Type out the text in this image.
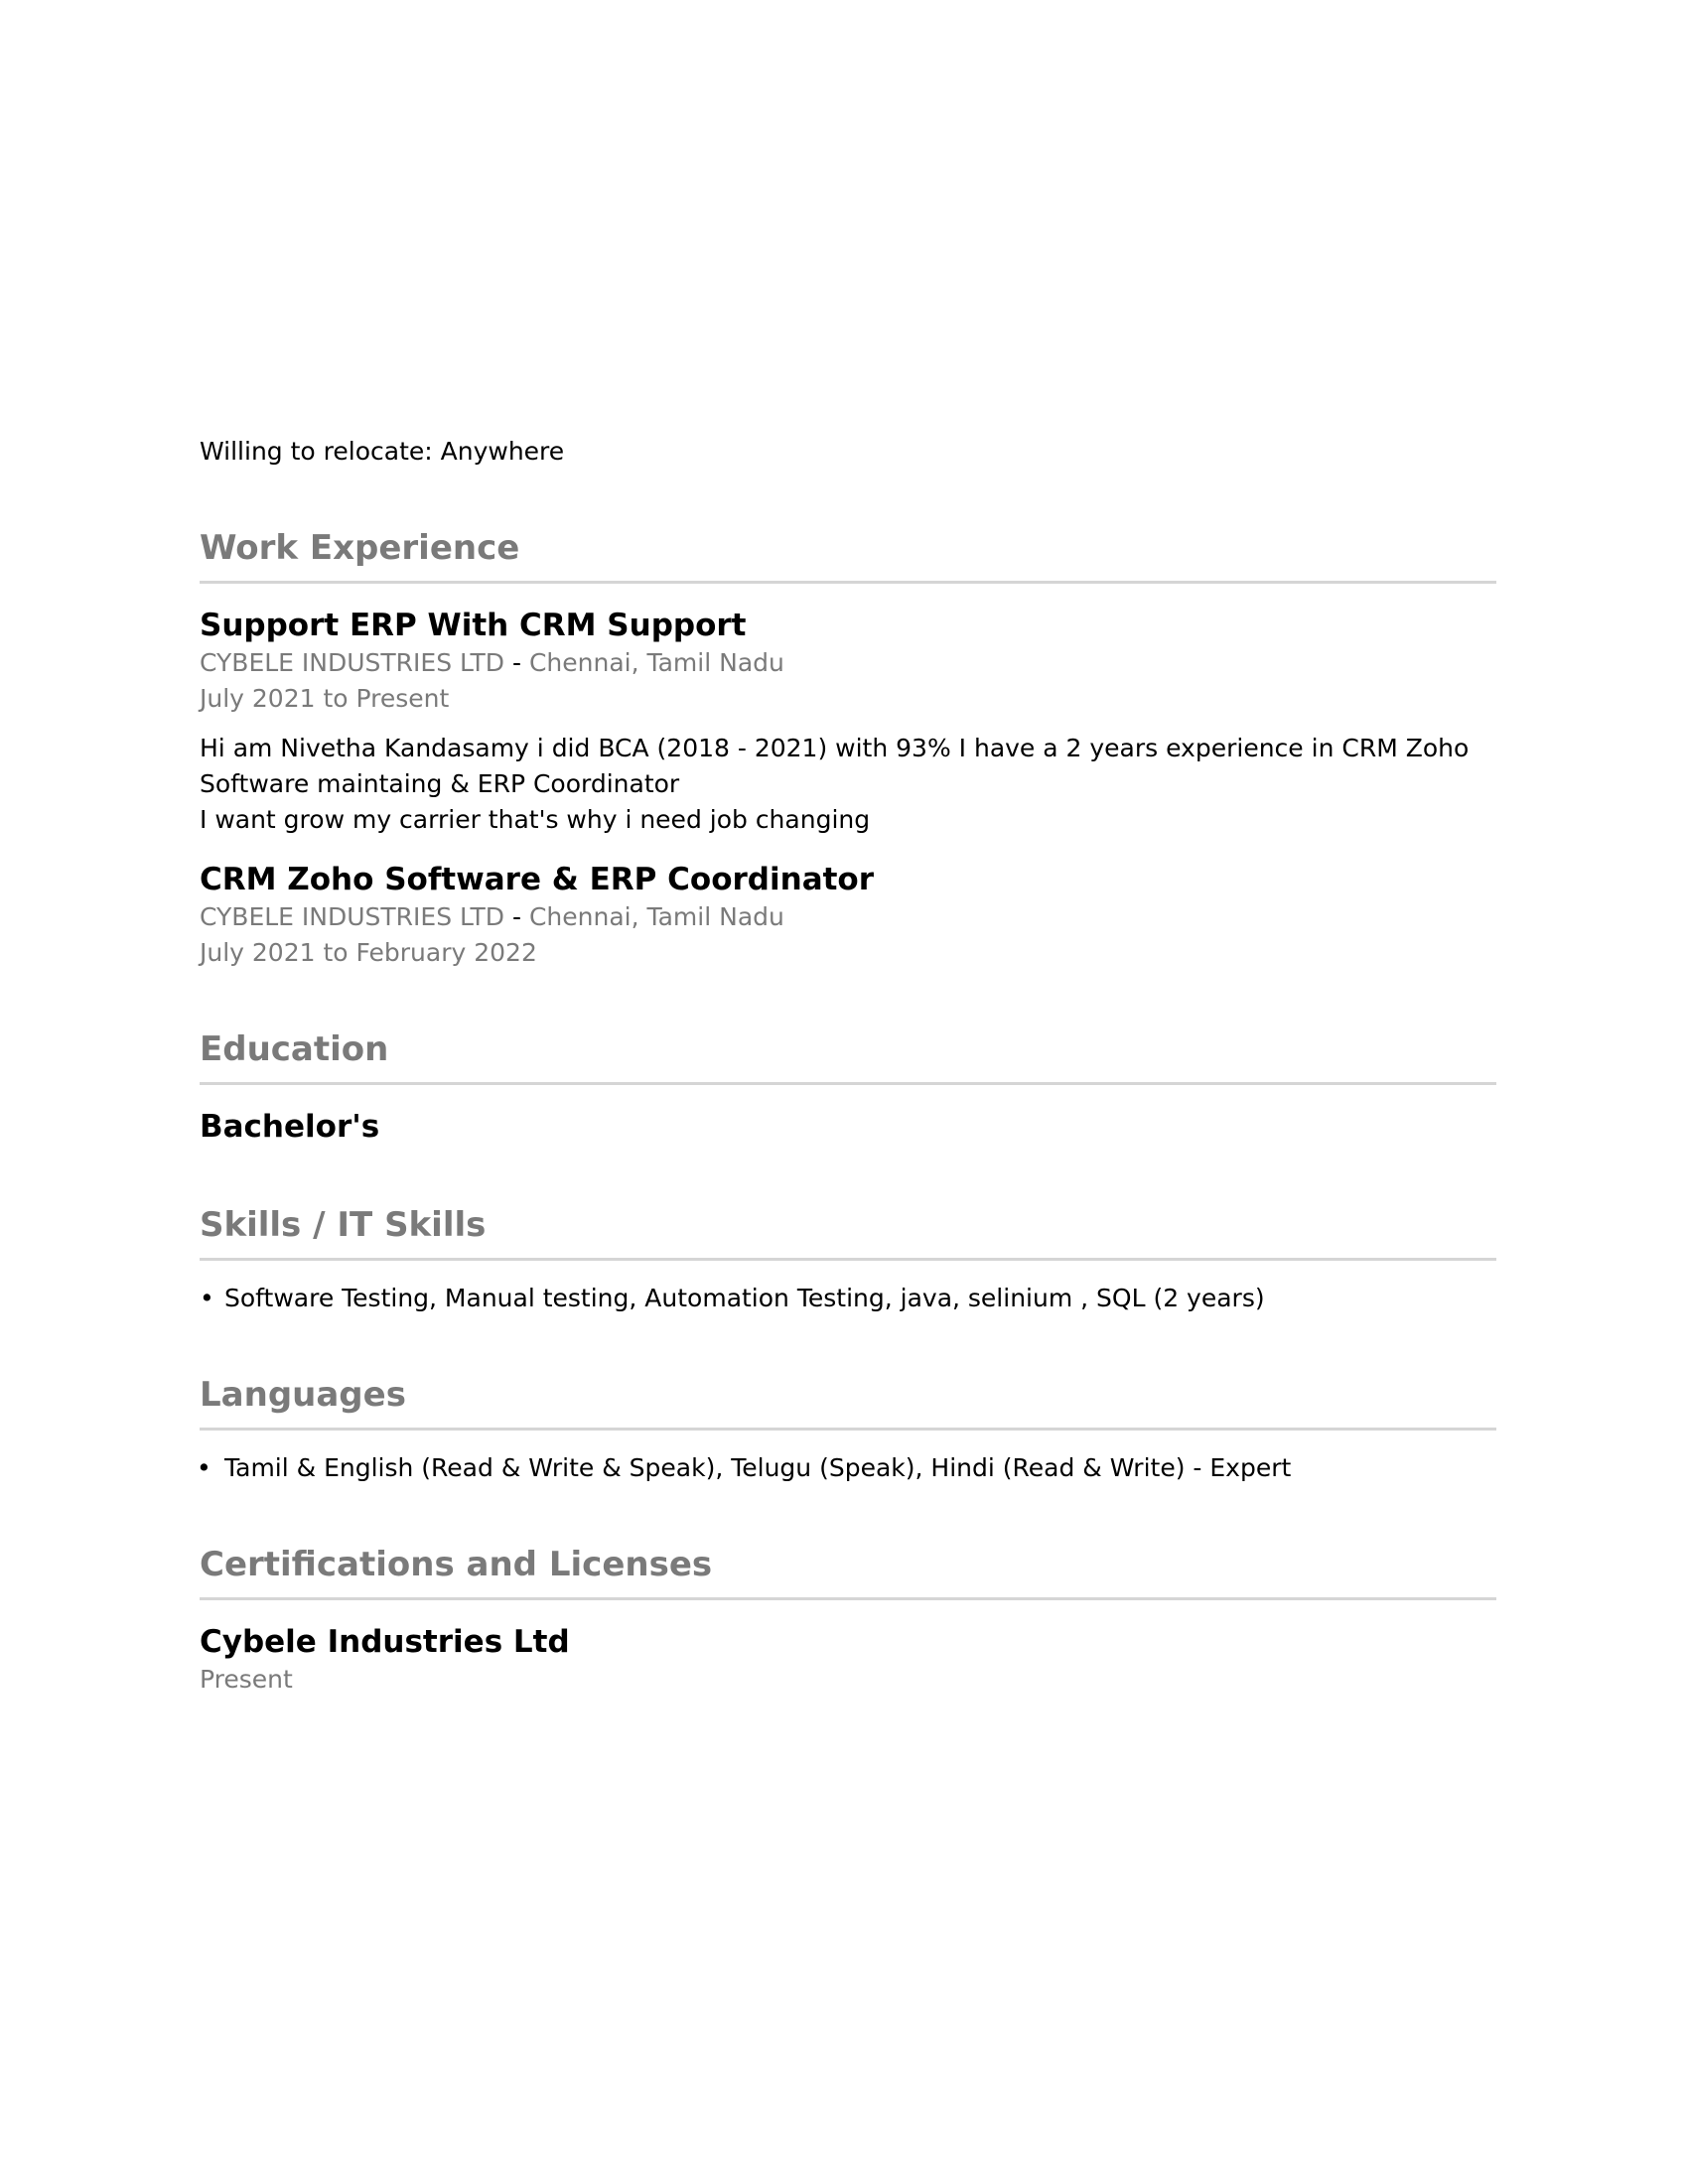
Willing to relocate: Anywhere

Work Experience

Support ERP With CRM Support

CYBELE INDUSTRIES LTD - Chennai, Tamil Nadu

July 2021 to Present

Hi am Nivetha Kandasamy i did BCA (2018 - 2021) with 93% I have a 2 years experience in CRM Zoho Software maintaing & ERP Coordinator
I want grow my carrier that's why i need job changing

CRM Zoho Software & ERP Coordinator

CYBELE INDUSTRIES LTD - Chennai, Tamil Nadu

July 2021 to February 2022

Education

Bachelor's

Skills / IT Skills
• Software Testing, Manual testing, Automation Testing, java, selinium , SQL (2 years)
Languages
• Tamil & English (Read & Write & Speak), Telugu (Speak), Hindi (Read & Write) - Expert
Certifications and Licenses

Cybele Industries Ltd

Present
